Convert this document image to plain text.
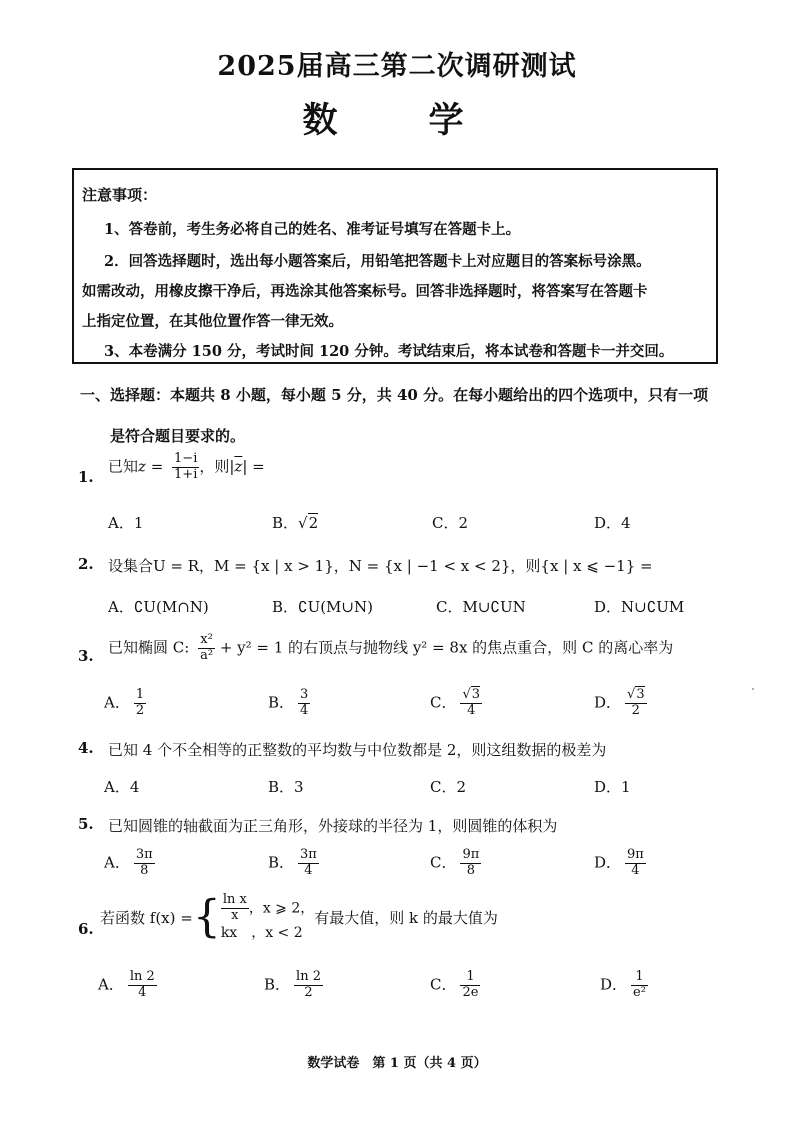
2025届高三第二次调研测试
数　学
注意事项：
1、答卷前，考生务必将自己的姓名、准考证号填写在答题卡上。
2．回答选择题时，选出每小题答案后，用铅笔把答题卡上对应题目的答案标号涂黑。
如需改动，用橡皮擦干净后，再选涂其他答案标号。回答非选择题时，将答案写在答题卡
上指定位置，在其他位置作答一律无效。
3、本卷满分 150 分，考试时间 120 分钟。考试结束后，将本试卷和答题卡一并交回。
一、选择题：本题共 8 小题，每小题 5 分，共 40 分。在每小题给出的四个选项中，只有一项
是符合题目要求的。
1.
已知$z = \frac{1-i}{1+i}$ ，则$|\overline{z}|$ =
A．1	B．√2	C．2	D．4
2. 设集合U = R，M = {x | x > 1}，N = {x | −1 < x < 2}，则{x | x ⩽ −1} =
A．∁U(M∩N)	B．∁U(M∪N)	C．M∪∁UN	D．N∪∁UM
3. 已知椭圆 C: $\frac{\text{x²}}{\text{a²}} + y^2 = 1$ 的右顶点与抛物线 y² = 8x 的焦点重合，则 C 的离心率为
A． $\frac{1}{2}$	B． $\frac{3}{4}$	C． $\frac{√3}{4}$	D． $\frac{√3}{2}$
4. 已知 4 个不全相等的正整数的平均数与中位数都是 2，则这组数据的极差为
A．4	B．3	C．2	D．1
5. 已知圆锥的轴截面为正三角形，外接球的半径为 1，则圆锥的体积为
A． $\frac{3\pi}{8}$	B． $\frac{3\pi}{4}$	C． $\frac{9\pi}{8}$	D． $\frac{9\pi}{4}$
6.
若函数 f(x) ={ $\frac{\text{ln x}}{x}$ ，x ⩾ 2，
kx　，x < 2
有最大值，则 k 的最大值为
A． $\frac{\ln 2}{4}$	B． $\frac{\ln 2}{2}$	C． $\frac{1}{2e}$	D． $\frac{1}{\text{e²}}$
数学试卷　第 1 页（共 4 页）
